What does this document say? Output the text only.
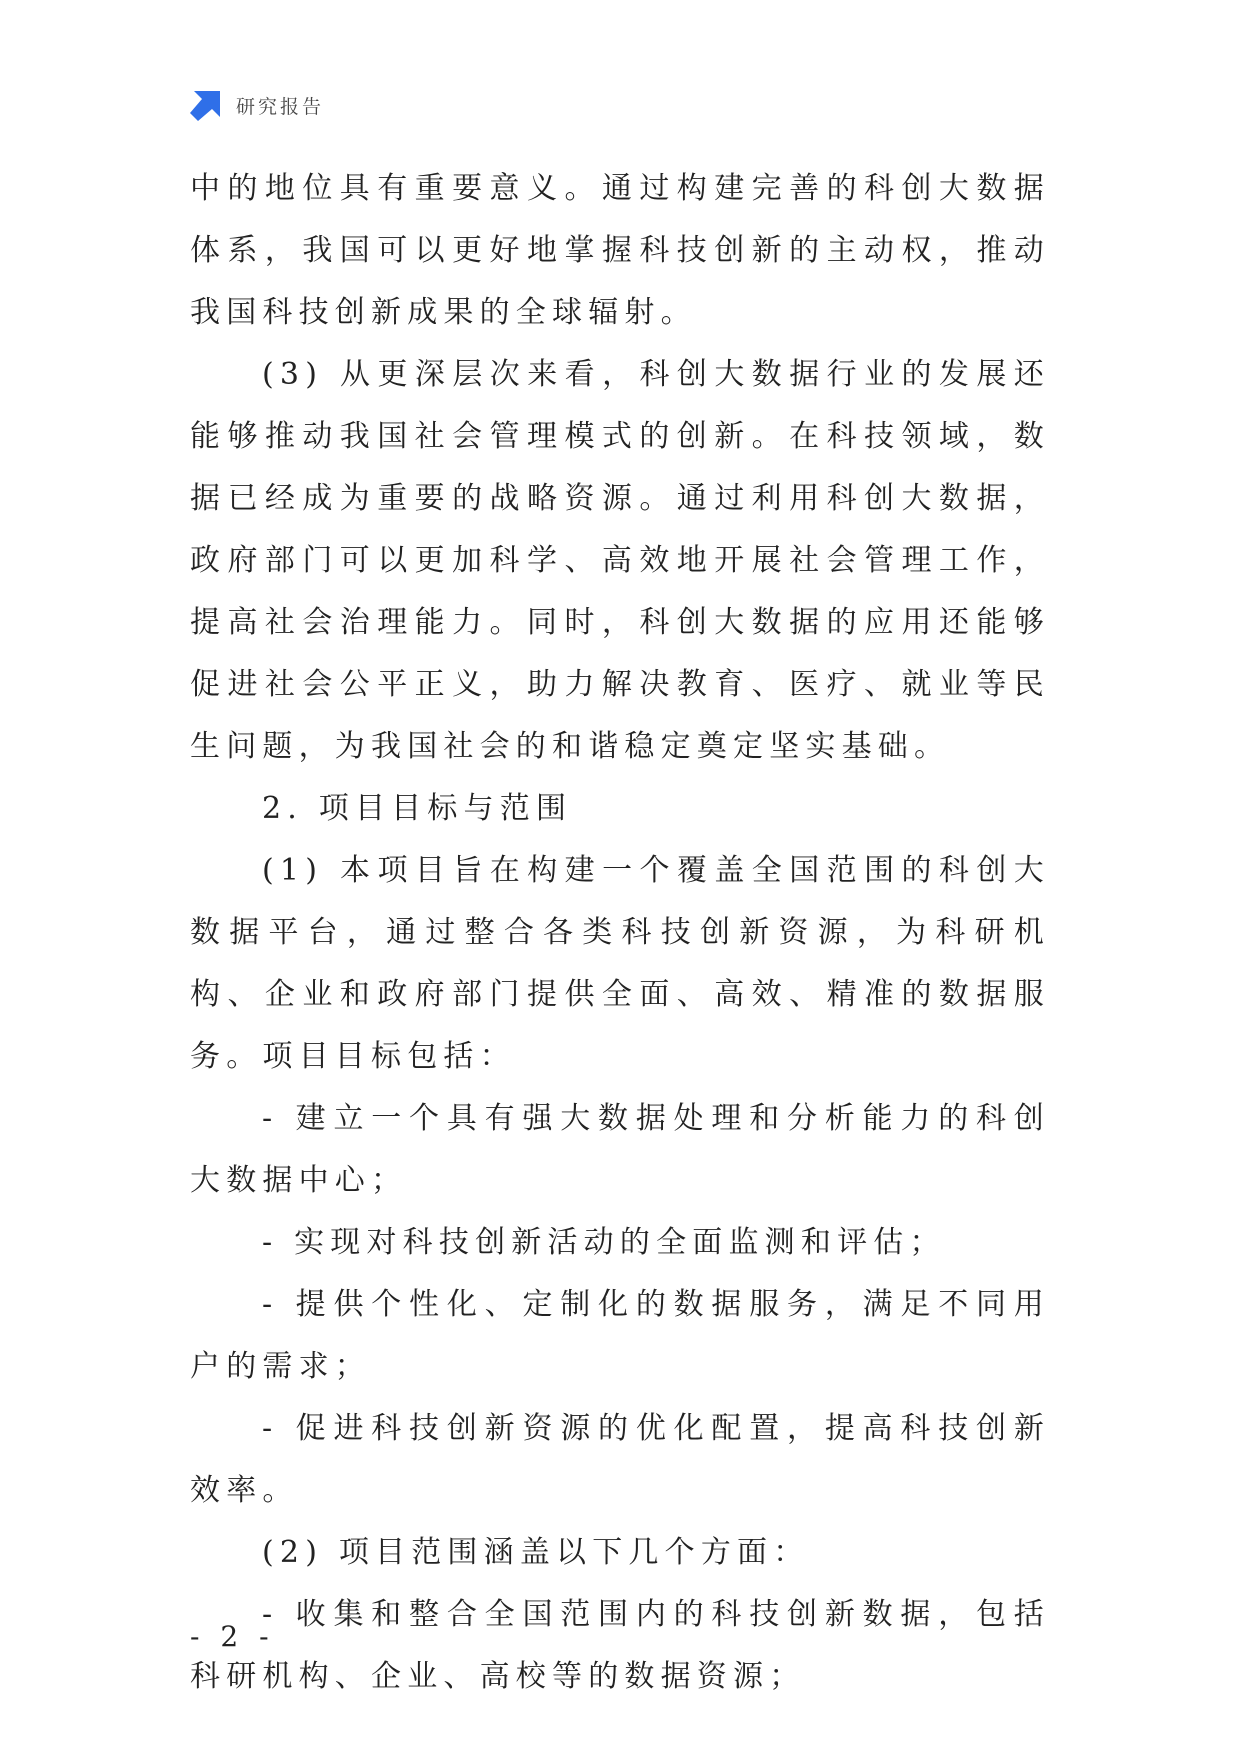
研究报告

中的地位具有重要意义。通过构建完善的科创大数据体系，我国可以更好地掌握科技创新的主动权，推动我国科技创新成果的全球辐射。

(3) 从更深层次来看，科创大数据行业的发展还能够推动我国社会管理模式的创新。在科技领域，数据已经成为重要的战略资源。通过利用科创大数据，政府部门可以更加科学、高效地开展社会管理工作，提高社会治理能力。同时，科创大数据的应用还能够促进社会公平正义，助力解决教育、医疗、就业等民生问题，为我国社会的和谐稳定奠定坚实基础。

2. 项目目标与范围

(1) 本项目旨在构建一个覆盖全国范围的科创大数据平台，通过整合各类科技创新资源，为科研机构、企业和政府部门提供全面、高效、精准的数据服务。项目目标包括：

- 建立一个具有强大数据处理和分析能力的科创大数据中心；

- 实现对科技创新活动的全面监测和评估；

- 提供个性化、定制化的数据服务，满足不同用户的需求；

- 促进科技创新资源的优化配置，提高科技创新效率。

(2) 项目范围涵盖以下几个方面：

- 收集和整合全国范围内的科技创新数据，包括科研机构、企业、高校等的数据资源；

- 2 -
